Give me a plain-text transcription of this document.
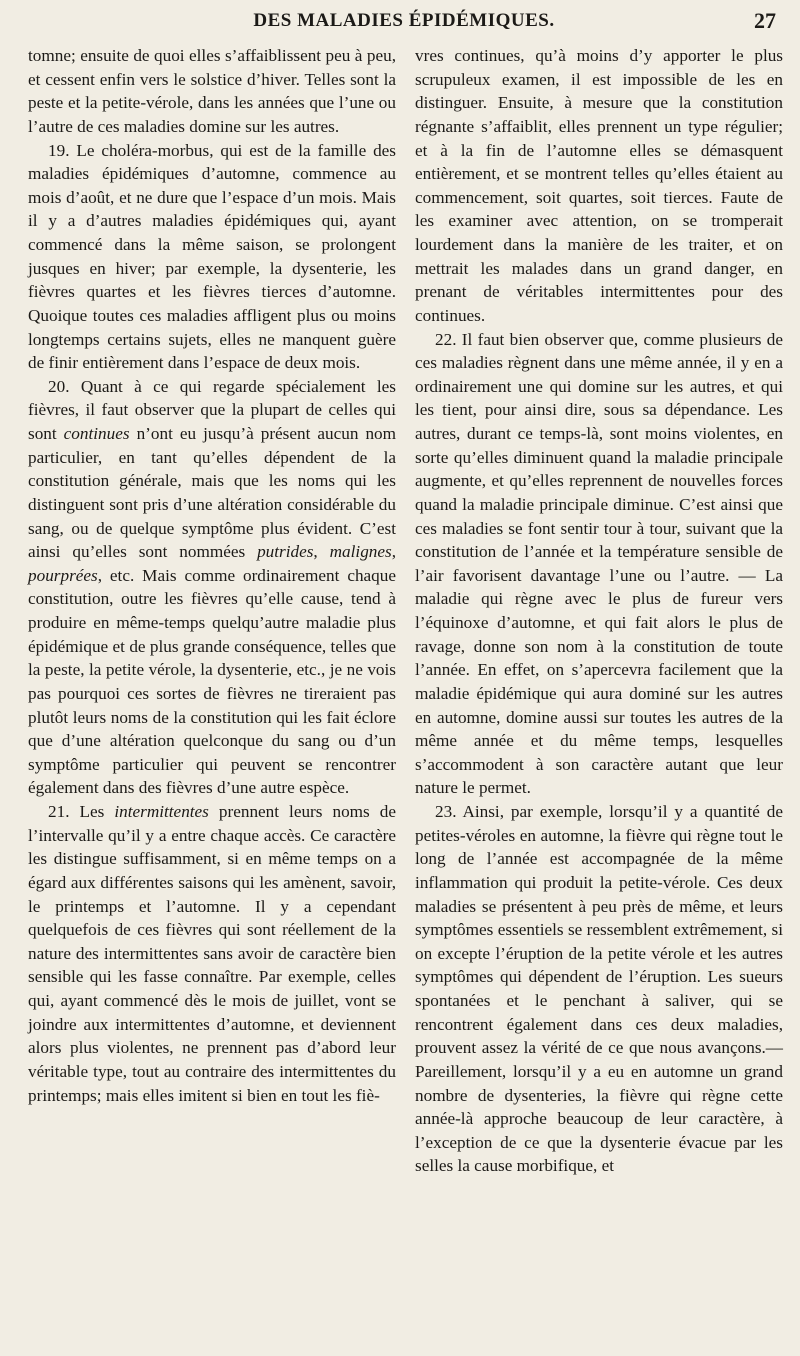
DES MALADIES ÉPIDÉMIQUES.	27

tomne; ensuite de quoi elles s’affaiblissent peu à peu, et cessent enfin vers le solstice d’hiver. Telles sont la peste et la petite-vérole, dans les années que l’une ou l’autre de ces maladies domine sur les autres.

19. Le choléra-morbus, qui est de la famille des maladies épidémiques d’automne, commence au mois d’août, et ne dure que l’espace d’un mois. Mais il y a d’autres maladies épidémiques qui, ayant commencé dans la même saison, se prolongent jusques en hiver; par exemple, la dysenterie, les fièvres quartes et les fièvres tierces d’automne. Quoique toutes ces maladies affligent plus ou moins longtemps certains sujets, elles ne manquent guère de finir entièrement dans l’espace de deux mois.

20. Quant à ce qui regarde spécialement les fièvres, il faut observer que la plupart de celles qui sont continues n’ont eu jusqu’à présent aucun nom particulier, en tant qu’elles dépendent de la constitution générale, mais que les noms qui les distinguent sont pris d’une altération considérable du sang, ou de quelque symptôme plus évident. C’est ainsi qu’elles sont nommées putrides, malignes, pourprées, etc. Mais comme ordinairement chaque constitution, outre les fièvres qu’elle cause, tend à produire en même-temps quelqu’autre maladie plus épidémique et de plus grande conséquence, telles que la peste, la petite vérole, la dysenterie, etc., je ne vois pas pourquoi ces sortes de fièvres ne tireraient pas plutôt leurs noms de la constitution qui les fait éclore que d’une altération quelconque du sang ou d’un symptôme particulier qui peuvent se rencontrer également dans des fièvres d’une autre espèce.

21. Les intermittentes prennent leurs noms de l’intervalle qu’il y a entre chaque accès. Ce caractère les distingue suffisamment, si en même temps on a égard aux différentes saisons qui les amènent, savoir, le printemps et l’automne. Il y a cependant quelquefois de ces fièvres qui sont réellement de la nature des intermittentes sans avoir de caractère bien sensible qui les fasse connaître. Par exemple, celles qui, ayant commencé dès le mois de juillet, vont se joindre aux intermittentes d’automne, et deviennent alors plus violentes, ne prennent pas d’abord leur véritable type, tout au contraire des intermittentes du printemps; mais elles imitent si bien en tout les fiè-

vres continues, qu’à moins d’y apporter le plus scrupuleux examen, il est impossible de les en distinguer. Ensuite, à mesure que la constitution régnante s’affaiblit, elles prennent un type régulier; et à la fin de l’automne elles se démasquent entièrement, et se montrent telles qu’elles étaient au commencement, soit quartes, soit tierces. Faute de les examiner avec attention, on se tromperait lourdement dans la manière de les traiter, et on mettrait les malades dans un grand danger, en prenant de véritables intermittentes pour des continues.

22. Il faut bien observer que, comme plusieurs de ces maladies règnent dans une même année, il y en a ordinairement une qui domine sur les autres, et qui les tient, pour ainsi dire, sous sa dépendance. Les autres, durant ce temps-là, sont moins violentes, en sorte qu’elles diminuent quand la maladie principale augmente, et qu’elles reprennent de nouvelles forces quand la maladie principale diminue. C’est ainsi que ces maladies se font sentir tour à tour, suivant que la constitution de l’année et la température sensible de l’air favorisent davantage l’une ou l’autre. — La maladie qui règne avec le plus de fureur vers l’équinoxe d’automne, et qui fait alors le plus de ravage, donne son nom à la constitution de toute l’année. En effet, on s’apercevra facilement que la maladie épidémique qui aura dominé sur les autres en automne, domine aussi sur toutes les autres de la même année et du même temps, lesquelles s’accommodent à son caractère autant que leur nature le permet.

23. Ainsi, par exemple, lorsqu’il y a quantité de petites-véroles en automne, la fièvre qui règne tout le long de l’année est accompagnée de la même inflammation qui produit la petite-vérole. Ces deux maladies se présentent à peu près de même, et leurs symptômes essentiels se ressemblent extrêmement, si on excepte l’éruption de la petite vérole et les autres symptômes qui dépendent de l’éruption. Les sueurs spontanées et le penchant à saliver, qui se rencontrent également dans ces deux maladies, prouvent assez la vérité de ce que nous avançons.— Pareillement, lorsqu’il y a eu en automne un grand nombre de dysenteries, la fièvre qui règne cette année-là approche beaucoup de leur caractère, à l’exception de ce que la dysenterie évacue par les selles la cause morbifique, et
